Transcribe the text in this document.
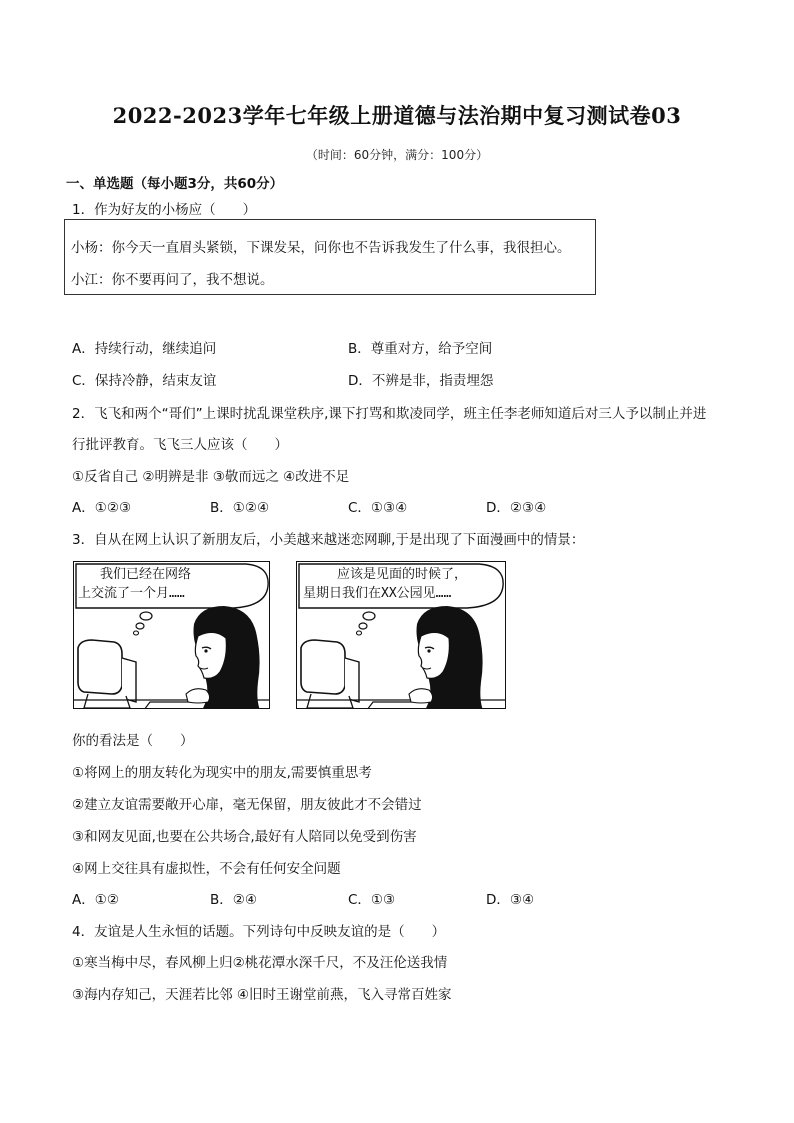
2022-2023学年七年级上册道德与法治期中复习测试卷03
（时间：60分钟，满分：100分）
一、单选题（每小题3分，共60分）
1．作为好友的小杨应（　　）
小杨：你今天一直眉头紧锁，下课发呆，问你也不告诉我发生了什么事，我很担心。
小江：你不要再问了，我不想说。
A．持续行动，继续追问	B．尊重对方，给予空间
C．保持冷静，结束友谊	D．不辨是非，指责埋怨
2．飞飞和两个“哥们”上课时扰乱课堂秩序,课下打骂和欺凌同学，班主任李老师知道后对三人予以制止并进
行批评教育。飞飞三人应该（　　）
①反省自己 ②明辨是非 ③敬而远之 ④改进不足
A．①②③	B．①②④	C．①③④	D．②③④
3．自从在网上认识了新朋友后，小美越来越迷恋网聊,于是出现了下面漫画中的情景：
我们已经在网络
上交流了一个月……
应该是见面的时候了，
星期日我们在XX公园见……
你的看法是（　　）
①将网上的朋友转化为现实中的朋友,需要慎重思考
②建立友谊需要敞开心扉，毫无保留，朋友彼此才不会错过
③和网友见面,也要在公共场合,最好有人陪同以免受到伤害
④网上交往具有虚拟性，不会有任何安全问题
A．①②	B．②④	C．①③	D．③④
4．友谊是人生永恒的话题。下列诗句中反映友谊的是（　　）
①寒当梅中尽，春风柳上归②桃花潭水深千尺，不及汪伦送我情
③海内存知己，天涯若比邻 ④旧时王谢堂前燕，飞入寻常百姓家
